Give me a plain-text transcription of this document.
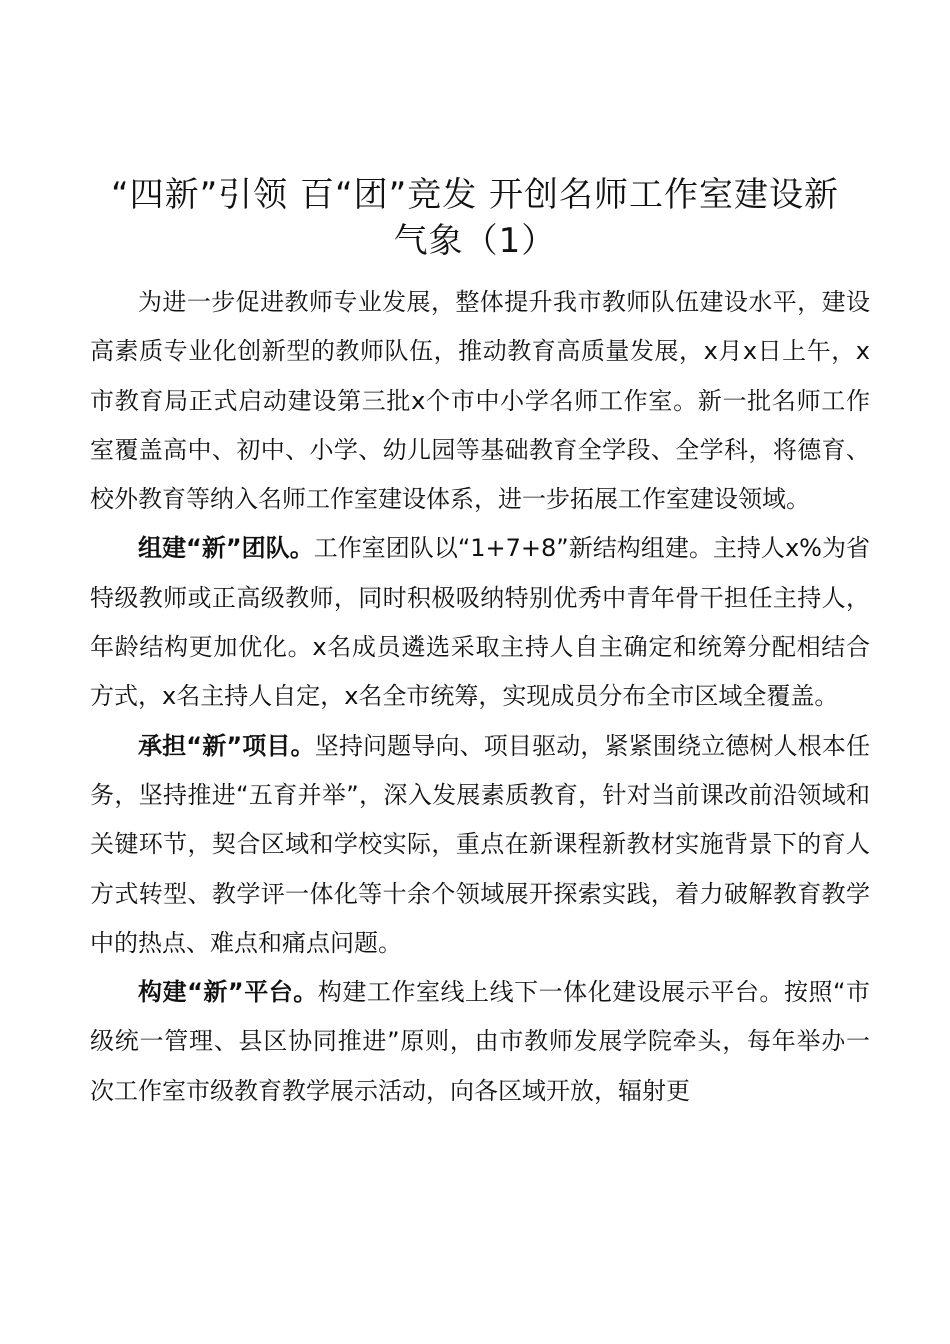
“四新”引领 百“团”竞发 开创名师工作室建设新气象（1）

为进一步促进教师专业发展，整体提升我市教师队伍建设水平，建设高素质专业化创新型的教师队伍，推动教育高质量发展，x月x日上午，x市教育局正式启动建设第三批x个市中小学名师工作室。新一批名师工作室覆盖高中、初中、小学、幼儿园等基础教育全学段、全学科，将德育、校外教育等纳入名师工作室建设体系，进一步拓展工作室建设领域。

组建“新”团队。工作室团队以“1+7+8”新结构组建。主持人x%为省特级教师或正高级教师，同时积极吸纳特别优秀中青年骨干担任主持人，年龄结构更加优化。x名成员遴选采取主持人自主确定和统筹分配相结合方式，x名主持人自定，x名全市统筹，实现成员分布全市区域全覆盖。

承担“新”项目。坚持问题导向、项目驱动，紧紧围绕立德树人根本任务，坚持推进“五育并举”，深入发展素质教育，针对当前课改前沿领域和关键环节，契合区域和学校实际，重点在新课程新教材实施背景下的育人方式转型、教学评一体化等十余个领域展开探索实践，着力破解教育教学中的热点、难点和痛点问题。

构建“新”平台。构建工作室线上线下一体化建设展示平台。按照“市级统一管理、县区协同推进”原则，由市教师发展学院牵头，每年举办一次工作室市级教育教学展示活动，向各区域开放，辐射更
